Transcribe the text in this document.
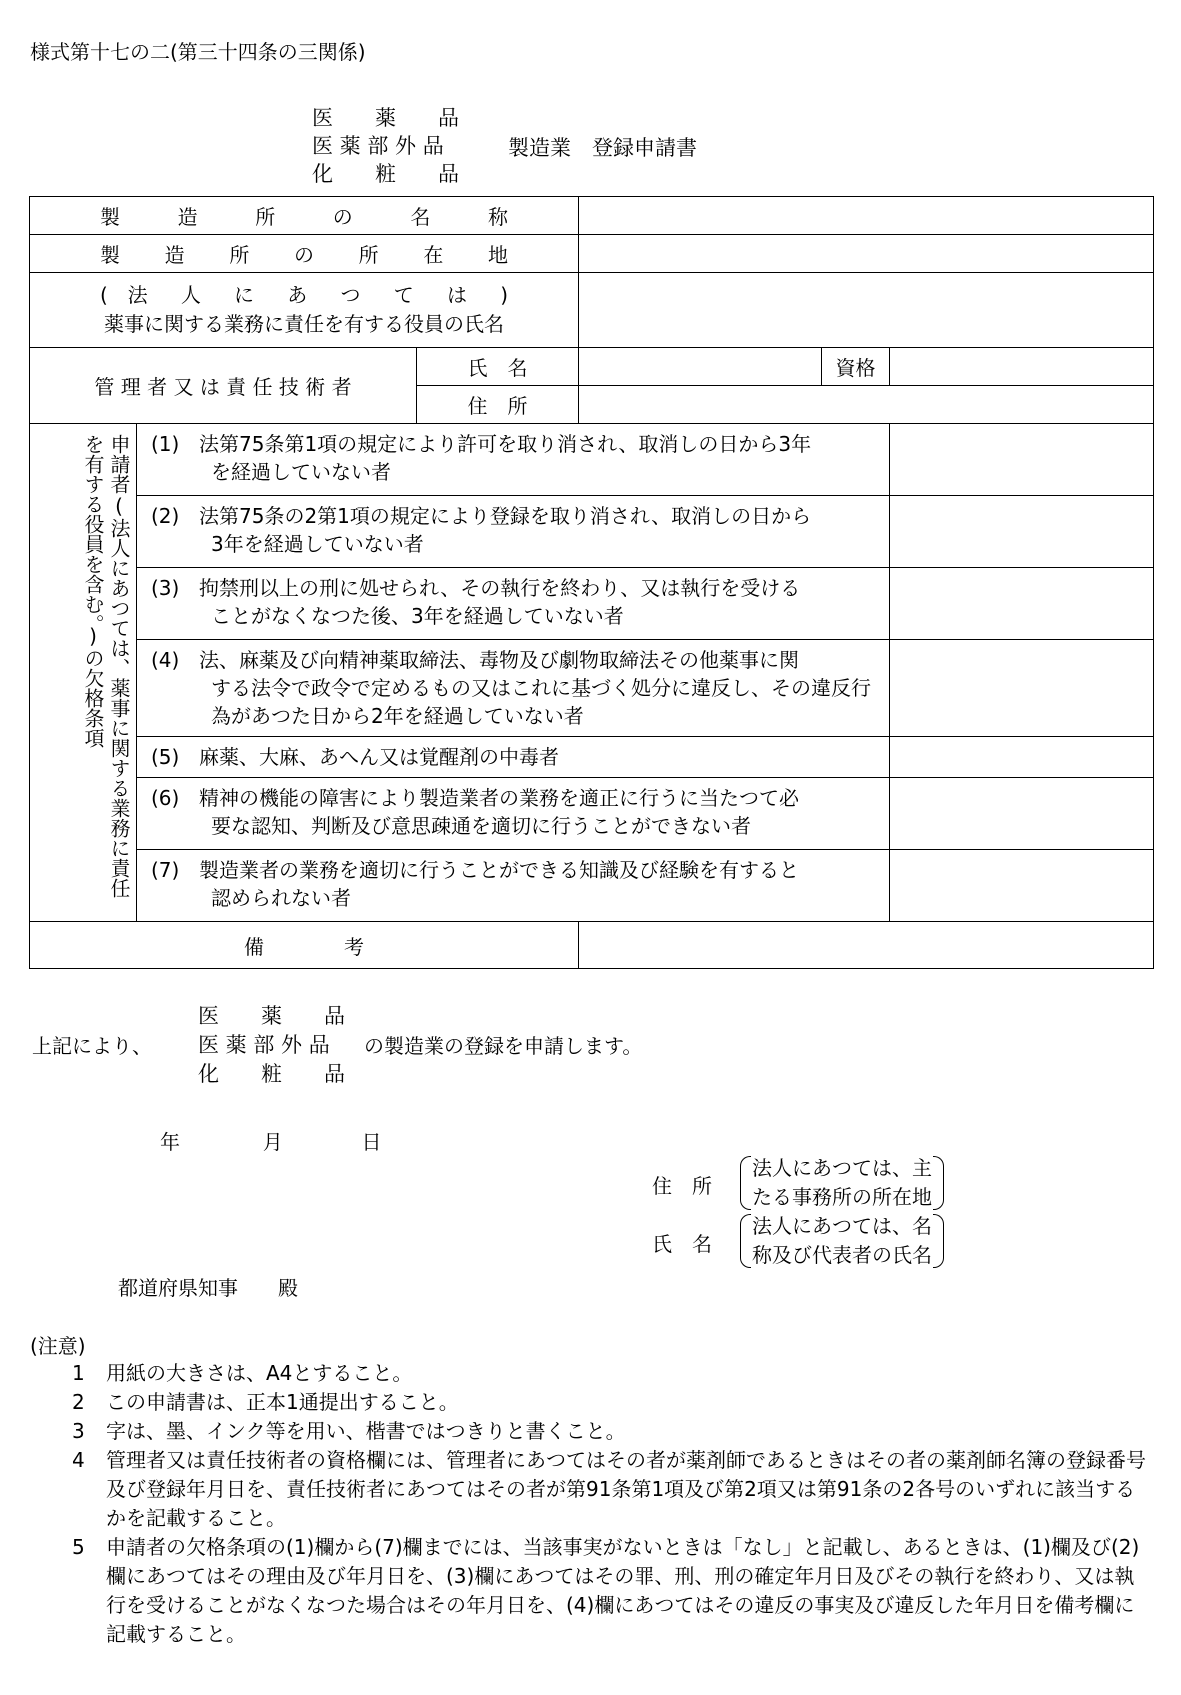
様式第十七の二(第三十四条の三関係)
医　　薬　　品
医 薬 部 外 品
化　　粧　　品
製造業　登録申請書
製造所の名称					
製造所の所在地					

( 法 人 に あ つ て は )
薬事に関する業務に責任を有する役員の氏名					

管 理 者 又 は 責 任 技 術 者		氏　名		資格	
		住　所			
申請者(法人にあつては、薬事に関する業務に責任を有する役員を含む。)の欠格条項	(1) 法第75条第1項の規定により許可を取り消され、取消しの日から3年
を経過していない者				

	(2) 法第75条の2第1項の規定により登録を取り消され、取消しの日から
3年を経過していない者				

	(3) 拘禁刑以上の刑に処せられ、その執行を終わり、又は執行を受ける
ことがなくなつた後、3年を経過していない者				

	(4) 法、麻薬及び向精神薬取締法、毒物及び劇物取締法その他薬事に関
する法令で政令で定めるもの又はこれに基づく処分に違反し、その違反行為があつた日から2年を経過していない者				

	(5) 麻薬、大麻、あへん又は覚醒剤の中毒者				

	(6) 精神の機能の障害により製造業者の業務を適正に行うに当たつて必
要な認知、判断及び意思疎通を適切に行うことができない者				

	(7) 製造業者の業務を適切に行うことができる知識及び経験を有すると
認められない者				

備　　　　考					
上記により、
医　　薬　　品
医 薬 部 外 品
化　　粧　　品
の製造業の登録を申請します。
年	月	日
住　所
法人にあつては、主
たる事務所の所在地
氏　名
法人にあつては、名
称及び代表者の氏名
都道府県知事　　殿
(注意)
1	用紙の大きさは、A4とすること。
2	この申請書は、正本1通提出すること。
3	字は、墨、インク等を用い、楷書ではつきりと書くこと。
4	管理者又は責任技術者の資格欄には、管理者にあつてはその者が薬剤師であるときはその者の薬剤師名簿の登録番号及び登録年月日を、責任技術者にあつてはその者が第91条第1項及び第2項又は第91条の2各号のいずれに該当するかを記載すること。
5	申請者の欠格条項の(1)欄から(7)欄までには、当該事実がないときは「なし」と記載し、あるときは、(1)欄及び(2)欄にあつてはその理由及び年月日を、(3)欄にあつてはその罪、刑、刑の確定年月日及びその執行を終わり、又は執行を受けることがなくなつた場合はその年月日を、(4)欄にあつてはその違反の事実及び違反した年月日を備考欄に記載すること。
